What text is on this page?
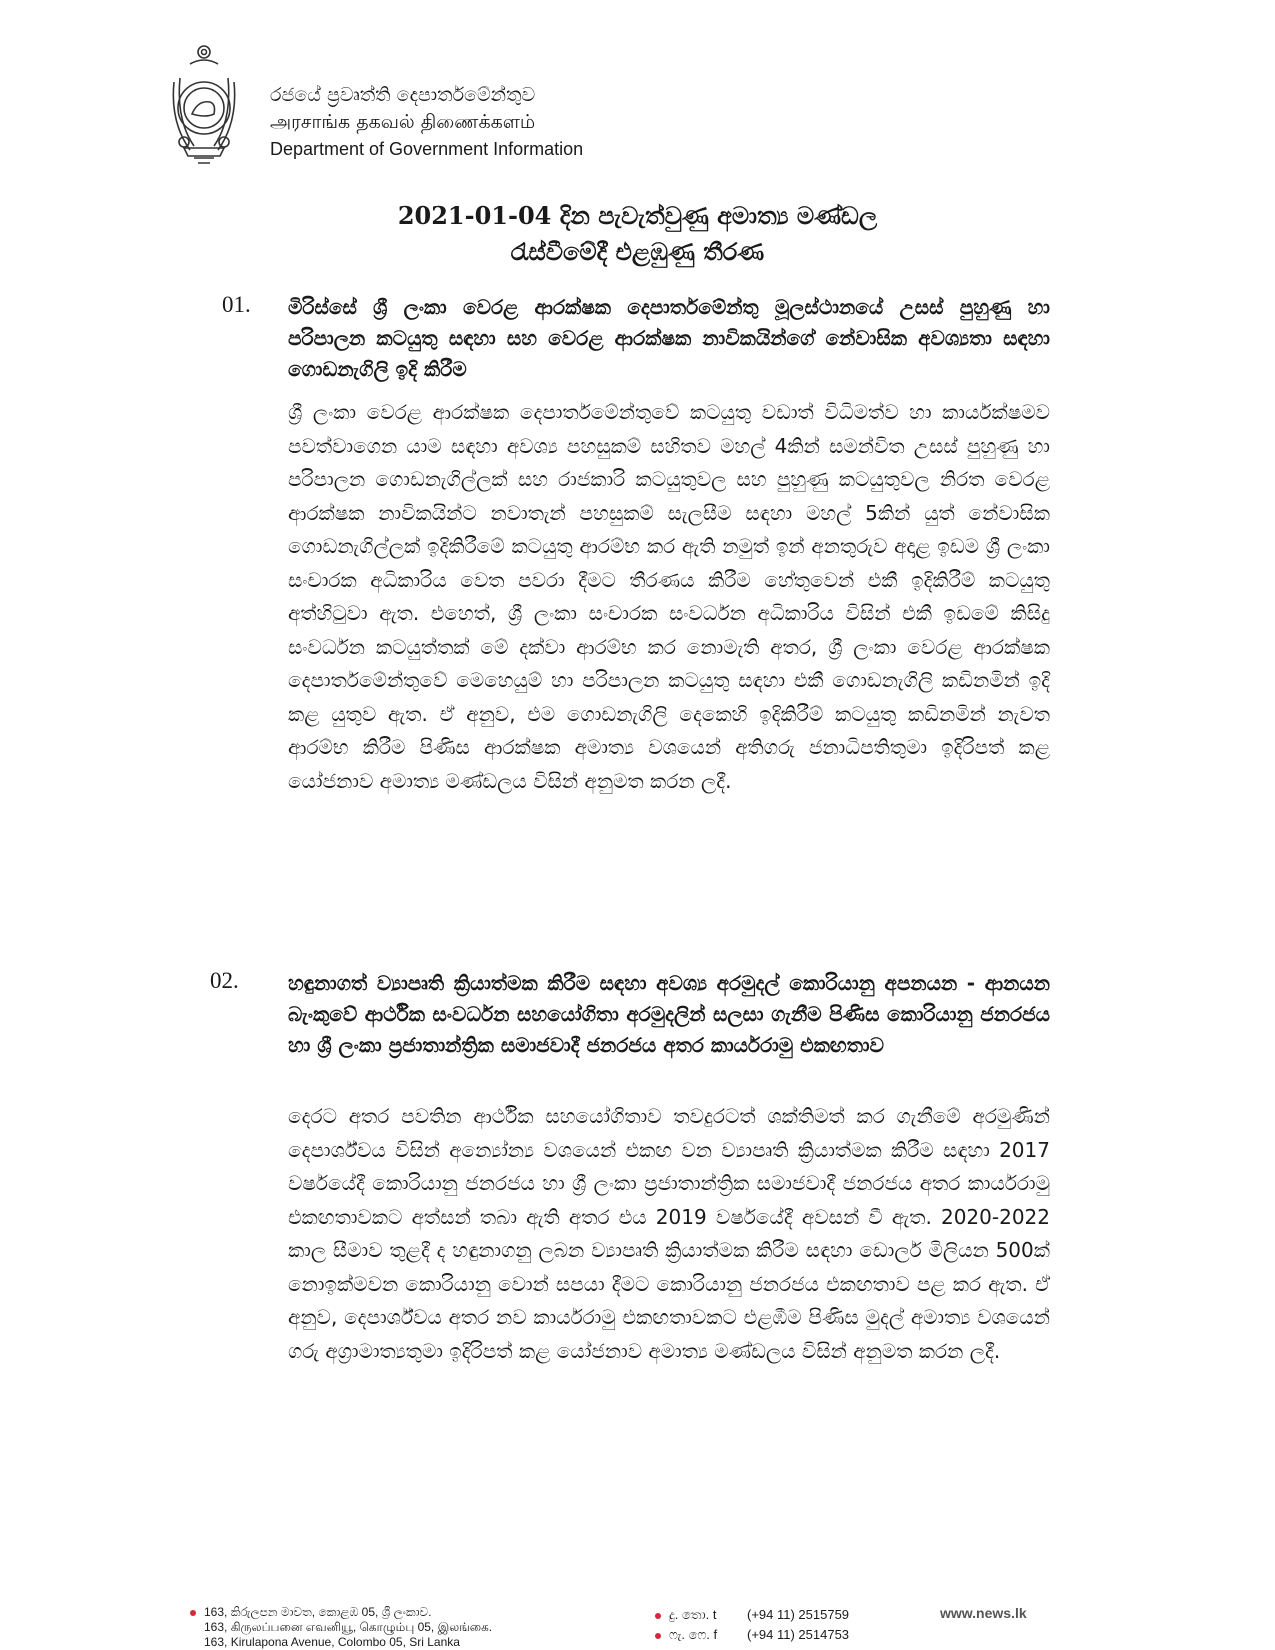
රජයේ ප්‍රවෘත්ති දෙපාර්තමේන්තුව
அரசாங்க தகவல் திணைக்களம்
Department of Government Information
2021-01-04 දින පැවැත්වුණු අමාත්‍ය මණ්ඩල
රැස්වීමේදී එළඹුණු තීරණ
01. මිරිස්සේ ශ්‍රී ලංකා වෙරළ ආරක්ෂක දෙපාර්තමේන්තු මූලස්ථානයේ උසස් පුහුණු හා පරිපාලන කටයුතු සඳහා සහ වෙරළ ආරක්ෂක නාවිකයින්ගේ නේවාසික අවශ්‍යතා සඳහා ගොඩනැගිලි ඉදි කිරීම
ශ්‍රී ලංකා වෙරළ ආරක්ෂක දෙපාර්තමේන්තුවේ කටයුතු වඩාත් විධිමත්ව හා කාර්යක්ෂමව පවත්වාගෙන යාම සඳහා අවශ්‍ය පහසුකම් සහිතව මහල් 4කින් සමන්විත උසස් පුහුණු හා පරිපාලන ගොඩනැගිල්ලක් සහ රාජකාරි කටයුතුවල සහ පුහුණු කටයුතුවල නිරත වෙරළ ආරක්ෂක නාවිකයින්ට නවාතැන් පහසුකම් සැලසීම සඳහා මහල් 5කින් යුත් නේවාසික ගොඩනැගිල්ලක් ඉදිකිරීමේ කටයුතු ආරම්භ කර ඇති නමුත් ඉන් අනතුරුව අදාළ ඉඩම ශ්‍රී ලංකා සංචාරක අධිකාරිය වෙත පවරා දීමට තීරණය කිරීම හේතුවෙන් එකී ඉදිකිරීම් කටයුතු අත්හිටුවා ඇත. එහෙත්, ශ්‍රී ලංකා සංචාරක සංවර්ධන අධිකාරිය විසින් එකී ඉඩමේ කිසිදු සංවර්ධන කටයුත්තක් මේ දක්වා ආරම්භ කර නොමැති අතර, ශ්‍රී ලංකා වෙරළ ආරක්ෂක දෙපාර්තමේන්තුවේ මෙහෙයුම් හා පරිපාලන කටයුතු සඳහා එකී ගොඩනැගිලි කඩිනමින් ඉදි කළ යුතුව ඇත. ඒ අනුව, එම ගොඩනැගිලි දෙකෙහි ඉදිකිරීම් කටයුතු කඩිනමින් නැවත ආරම්භ කිරීම පිණිස ආරක්ෂක අමාත්‍ය වශයෙන් අතිගරු ජනාධිපතිතුමා ඉදිරිපත් කළ යෝජනාව අමාත්‍ය මණ්ඩලය විසින් අනුමත කරන ලදී.
02. හඳුනාගත් ව්‍යාපෘති ක්‍රියාත්මක කිරීම සඳහා අවශ්‍ය අරමුදල් කොරියානු අපනයන - ආනයන බැංකුවේ ආර්ථික සංවර්ධන සහයෝගිතා අරමුදලින් සලසා ගැනීම පිණිස කොරියානු ජනරජය හා ශ්‍රී ලංකා ප්‍රජාතාන්ත්‍රික සමාජවාදී ජනරජය අතර කාර්යරාමු එකඟතාව
දෙරට අතර පවතින ආර්ථික සහයෝගිතාව තවදුරටත් ශක්තිමත් කර ගැනීමේ අරමුණින් දෙපාර්ශ්වය විසින් අන්‍යෝන්‍ය වශයෙන් එකඟ වන ව්‍යාපෘති ක්‍රියාත්මක කිරීම සඳහා 2017 වර්ෂයේදී කොරියානු ජනරජය හා ශ්‍රී ලංකා ප්‍රජාතාන්ත්‍රික සමාජවාදී ජනරජය අතර කාර්යරාමු එකඟතාවකට අත්සන් තබා ඇති අතර එය 2019 වර්ෂයේදී අවසන් වී ඇත. 2020-2022 කාල සීමාව තුළදී ද හඳුනාගනු ලබන ව්‍යාපෘති ක්‍රියාත්මක කිරීම සඳහා ඩොලර් මිලියන 500ක් නොඉක්මවන කොරියානු වොන් සපයා දීමට කොරියානු ජනරජය එකඟතාව පළ කර ඇත. ඒ අනුව, දෙපාර්ශ්වය අතර නව කාර්යරාමු එකඟතාවකට එළඹීම පිණිස මුදල් අමාත්‍ය වශයෙන් ගරු අග්‍රාමාත්‍යතුමා ඉදිරිපත් කළ යෝජනාව අමාත්‍ය මණ්ඩලය විසින් අනුමත කරන ලදී.
163, කිරුලපන මාවත, කොළඹ 05, ශ්‍රී ලංකාව.
163, கிருலப்பனை எவனியூ, கொழும்பு 05, இலங்கை.
163, Kirulapona Avenue, Colombo 05, Sri Lanka
දු. තො. t (+94 11) 2515759
ෆැ. ෆෙ. f (+94 11) 2514753
www.news.lk
